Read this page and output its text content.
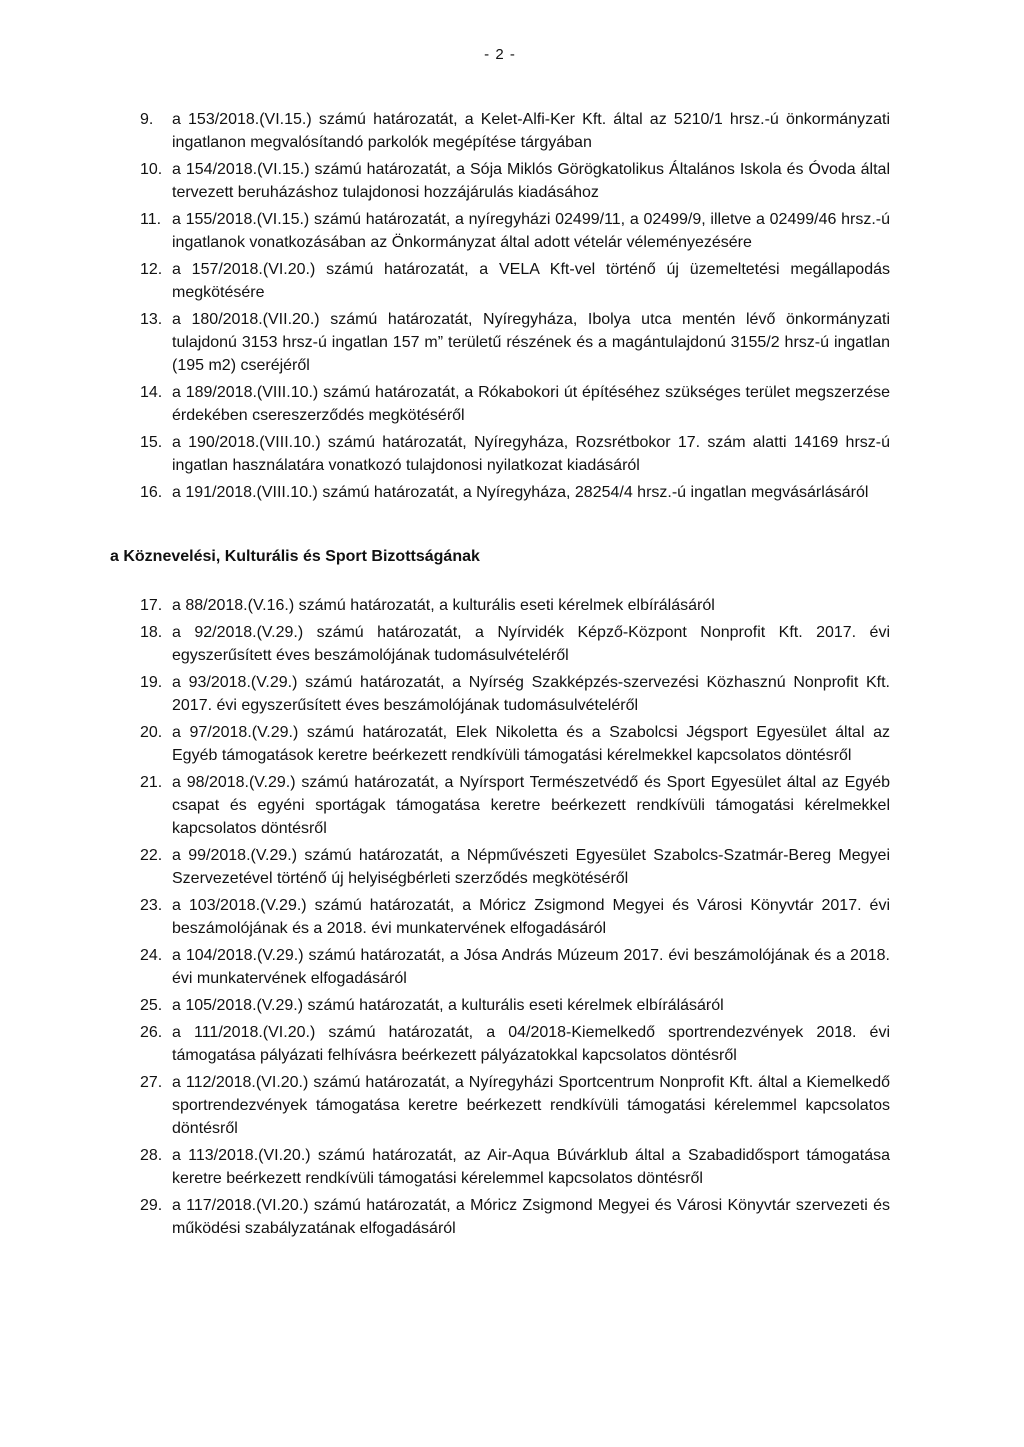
- 2 -
9.	a 153/2018.(VI.15.) számú határozatát, a Kelet-Alfi-Ker Kft. által az 5210/1 hrsz.-ú önkormányzati ingatlanon megvalósítandó parkolók megépítése tárgyában
10. a 154/2018.(VI.15.) számú határozatát, a Sója Miklós Görögkatolikus Általános Iskola és Óvoda által tervezett beruházáshoz tulajdonosi hozzájárulás kiadásához
11. a 155/2018.(VI.15.) számú határozatát, a nyíregyházi 02499/11, a 02499/9, illetve a 02499/46 hrsz.-ú ingatlanok vonatkozásában az Önkormányzat által adott vételár véleményezésére
12. a 157/2018.(VI.20.) számú határozatát, a VELA Kft-vel történő új üzemeltetési megállapodás megkötésére
13. a 180/2018.(VII.20.) számú határozatát, Nyíregyháza, Ibolya utca mentén lévő önkormányzati tulajdonú 3153 hrsz-ú ingatlan 157 m” területű részének és a magántulajdonú 3155/2 hrsz-ú ingatlan (195 m2) cseréjéről
14. a 189/2018.(VIII.10.) számú határozatát, a Rókabokori út építéséhez szükséges terület megszerzése érdekében csereszerződés megkötéséről
15. a 190/2018.(VIII.10.) számú határozatát, Nyíregyháza, Rozsrétbokor 17. szám alatti 14169 hrsz-ú ingatlan használatára vonatkozó tulajdonosi nyilatkozat kiadásáról
16. a 191/2018.(VIII.10.) számú határozatát, a Nyíregyháza, 28254/4 hrsz.-ú ingatlan megvásárlásáról
a Köznevelési, Kulturális és Sport Bizottságának
17. a 88/2018.(V.16.) számú határozatát, a kulturális eseti kérelmek elbírálásáról
18. a 92/2018.(V.29.) számú határozatát, a Nyírvidék Képző-Központ Nonprofit Kft. 2017. évi egyszerűsített éves beszámolójának tudomásulvételéről
19. a 93/2018.(V.29.) számú határozatát, a Nyírség Szakképzés-szervezési Közhasznú Nonprofit Kft. 2017. évi egyszerűsített éves beszámolójának tudomásulvételéről
20. a 97/2018.(V.29.) számú határozatát, Elek Nikoletta és a Szabolcsi Jégsport Egyesület által az Egyéb támogatások keretre beérkezett rendkívüli támogatási kérelmekkel kapcsolatos döntésről
21. a 98/2018.(V.29.) számú határozatát, a Nyírsport Természetvédő és Sport Egyesület által az Egyéb csapat és egyéni sportágak támogatása keretre beérkezett rendkívüli támogatási kérelmekkel kapcsolatos döntésről
22. a 99/2018.(V.29.) számú határozatát, a Népművészeti Egyesület Szabolcs-Szatmár-Bereg Megyei Szervezetével történő új helyiségbérleti szerződés megkötéséről
23. a 103/2018.(V.29.) számú határozatát, a Móricz Zsigmond Megyei és Városi Könyvtár 2017. évi beszámolójának és a 2018. évi munkatervének elfogadásáról
24. a 104/2018.(V.29.) számú határozatát, a Jósa András Múzeum 2017. évi beszámolójának és a 2018. évi munkatervének elfogadásáról
25. a 105/2018.(V.29.) számú határozatát, a kulturális eseti kérelmek elbírálásáról
26. a 111/2018.(VI.20.) számú határozatát, a 04/2018-Kiemelkedő sportrendezvények 2018. évi támogatása pályázati felhívásra beérkezett pályázatokkal kapcsolatos döntésről
27. a 112/2018.(VI.20.) számú határozatát, a Nyíregyházi Sportcentrum Nonprofit Kft. által a Kiemelkedő sportrendezvények támogatása keretre beérkezett rendkívüli támogatási kérelemmel kapcsolatos döntésről
28. a 113/2018.(VI.20.) számú határozatát, az Air-Aqua Búvárklub által a Szabadidősport támogatása keretre beérkezett rendkívüli támogatási kérelemmel kapcsolatos döntésről
29. a 117/2018.(VI.20.) számú határozatát, a Móricz Zsigmond Megyei és Városi Könyvtár szervezeti és működési szabályzatának elfogadásáról
